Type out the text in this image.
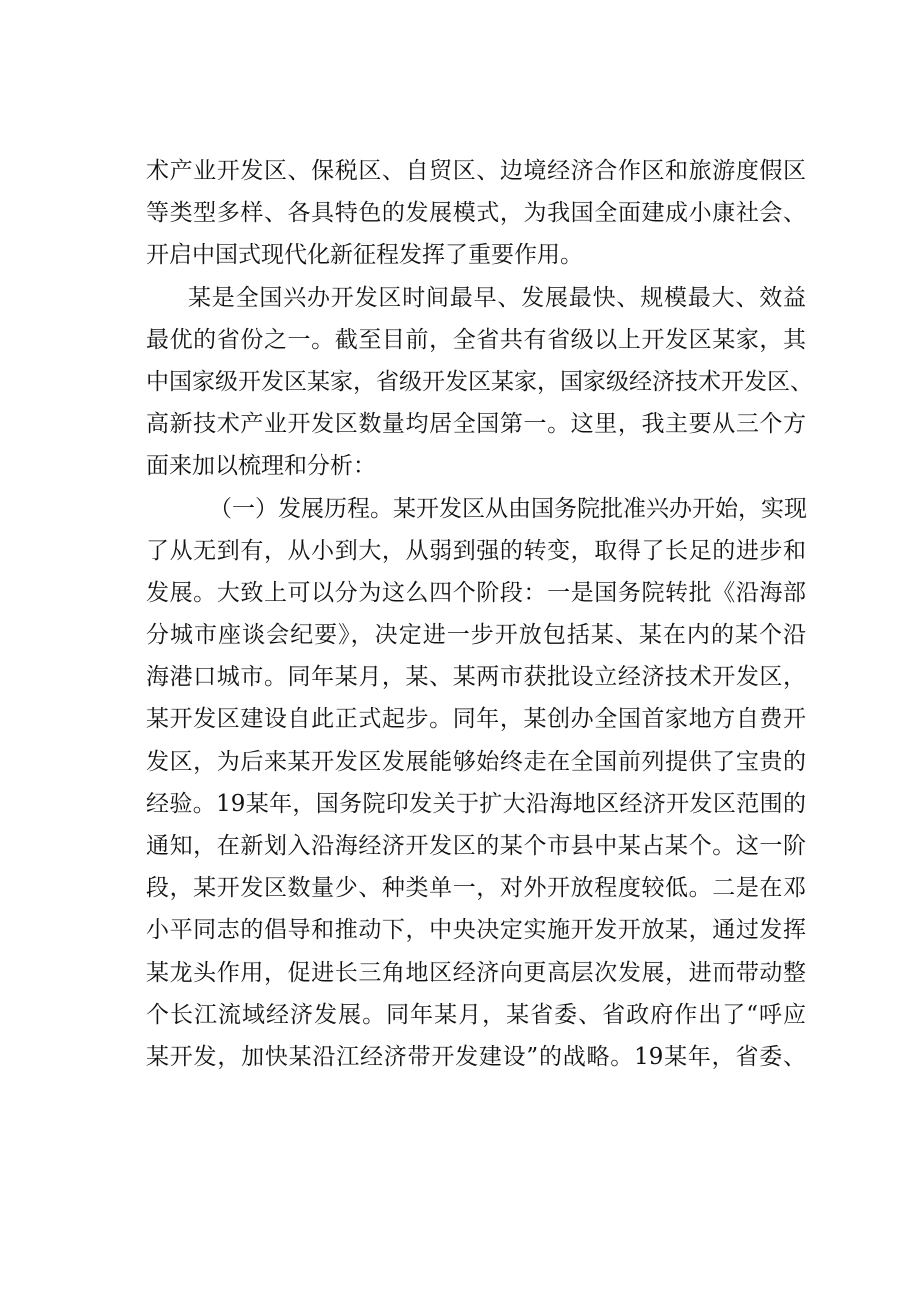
术产业开发区、保税区、自贸区、边境经济合作区和旅游度假区
等类型多样、各具特色的发展模式，为我国全面建成小康社会、
开启中国式现代化新征程发挥了重要作用。
某是全国兴办开发区时间最早、发展最快、规模最大、效益
最优的省份之一。截至目前，全省共有省级以上开发区某家，其
中国家级开发区某家，省级开发区某家，国家级经济技术开发区、
高新技术产业开发区数量均居全国第一。这里，我主要从三个方
面来加以梳理和分析：
（一）发展历程。某开发区从由国务院批准兴办开始，实现
了从无到有，从小到大，从弱到强的转变，取得了长足的进步和
发展。大致上可以分为这么四个阶段：一是国务院转批《沿海部
分城市座谈会纪要》，决定进一步开放包括某、某在内的某个沿
海港口城市。同年某月，某、某两市获批设立经济技术开发区，
某开发区建设自此正式起步。同年，某创办全国首家地方自费开
发区，为后来某开发区发展能够始终走在全国前列提供了宝贵的
经验。19某年，国务院印发关于扩大沿海地区经济开发区范围的
通知，在新划入沿海经济开发区的某个市县中某占某个。这一阶
段，某开发区数量少、种类单一，对外开放程度较低。二是在邓
小平同志的倡导和推动下，中央决定实施开发开放某，通过发挥
某龙头作用，促进长三角地区经济向更高层次发展，进而带动整
个长江流域经济发展。同年某月，某省委、省政府作出了“呼应
某开发，加快某沿江经济带开发建设”的战略。19某年，省委、
